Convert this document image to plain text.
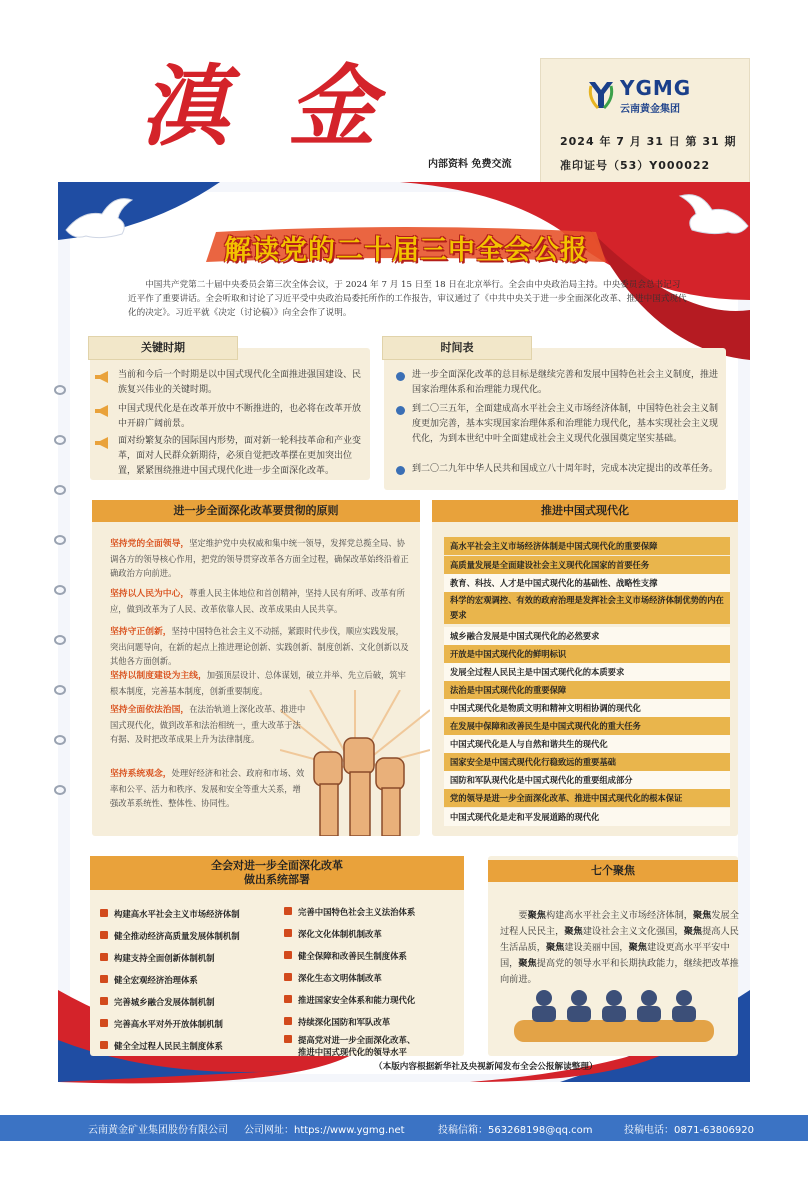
滇金
内部资料 免费交流
YGMG
云南黄金集团
2024 年 7 月 31 日 第 31 期
准印证号（53）Y000022
解读党的二十届三中全会公报
中国共产党第二十届中央委员会第三次全体会议，于 2024 年 7 月 15 日至 18 日在北京举行。全会由中央政治局主持。中央委员会总书记习近平作了重要讲话。全会听取和讨论了习近平受中央政治局委托所作的工作报告，审议通过了《中共中央关于进一步全面深化改革、推进中国式现代化的决定》。习近平就《决定（讨论稿）》向全会作了说明。
关键时期
当前和今后一个时期是以中国式现代化全面推进强国建设、民族复兴伟业的关键时期。
中国式现代化是在改革开放中不断推进的，也必将在改革开放中开辟广阔前景。
面对纷繁复杂的国际国内形势，面对新一轮科技革命和产业变革，面对人民群众新期待，必须自觉把改革摆在更加突出位置，紧紧围绕推进中国式现代化进一步全面深化改革。
时间表
进一步全面深化改革的总目标是继续完善和发展中国特色社会主义制度，推进国家治理体系和治理能力现代化。
到二〇三五年，全面建成高水平社会主义市场经济体制，中国特色社会主义制度更加完善，基本实现国家治理体系和治理能力现代化，基本实现社会主义现代化，为到本世纪中叶全面建成社会主义现代化强国奠定坚实基础。
到二〇二九年中华人民共和国成立八十周年时，完成本决定提出的改革任务。
进一步全面深化改革要贯彻的原则
坚持党的全面领导，坚定维护党中央权威和集中统一领导，发挥党总揽全局、协调各方的领导核心作用，把党的领导贯穿改革各方面全过程，确保改革始终沿着正确政治方向前进。
坚持以人民为中心，尊重人民主体地位和首创精神，坚持人民有所呼、改革有所应，做到改革为了人民、改革依靠人民、改革成果由人民共享。
坚持守正创新，坚持中国特色社会主义不动摇，紧跟时代步伐，顺应实践发展，突出问题导向，在新的起点上推进理论创新、实践创新、制度创新、文化创新以及其他各方面创新。
坚持以制度建设为主线，加强顶层设计、总体谋划，破立并举、先立后破，筑牢根本制度，完善基本制度，创新重要制度。
坚持全面依法治国，在法治轨道上深化改革、推进中国式现代化，做到改革和法治相统一，重大改革于法有据、及时把改革成果上升为法律制度。
坚持系统观念，处理好经济和社会、政府和市场、效率和公平、活力和秩序、发展和安全等重大关系，增强改革系统性、整体性、协同性。
推进中国式现代化
高水平社会主义市场经济体制是中国式现代化的重要保障
高质量发展是全面建设社会主义现代化国家的首要任务
教育、科技、人才是中国式现代化的基础性、战略性支撑
科学的宏观调控、有效的政府治理是发挥社会主义市场经济体制优势的内在要求
城乡融合发展是中国式现代化的必然要求
开放是中国式现代化的鲜明标识
发展全过程人民民主是中国式现代化的本质要求
法治是中国式现代化的重要保障
中国式现代化是物质文明和精神文明相协调的现代化
在发展中保障和改善民生是中国式现代化的重大任务
中国式现代化是人与自然和谐共生的现代化
国家安全是中国式现代化行稳致远的重要基础
国防和军队现代化是中国式现代化的重要组成部分
党的领导是进一步全面深化改革、推进中国式现代化的根本保证
中国式现代化是走和平发展道路的现代化
全会对进一步全面深化改革
做出系统部署
构建高水平社会主义市场经济体制
健全推动经济高质量发展体制机制
构建支持全面创新体制机制
健全宏观经济治理体系
完善城乡融合发展体制机制
完善高水平对外开放体制机制
健全全过程人民民主制度体系
完善中国特色社会主义法治体系
深化文化体制机制改革
健全保障和改善民生制度体系
深化生态文明体制改革
推进国家安全体系和能力现代化
持续深化国防和军队改革
提高党对进一步全面深化改革、
推进中国式现代化的领导水平
七个聚焦
要聚焦构建高水平社会主义市场经济体制，聚焦发展全过程人民民主，聚焦建设社会主义文化强国，聚焦提高人民生活品质，聚焦建设美丽中国，聚焦建设更高水平平安中国，聚焦提高党的领导水平和长期执政能力，继续把改革推向前进。
（本版内容根据新华社及央视新闻发布全会公报解读整理）
云南黄金矿业集团股份有限公司 公司网址：https://www.ygmg.net	投稿信箱：563268198@qq.com	投稿电话：0871-63806920
